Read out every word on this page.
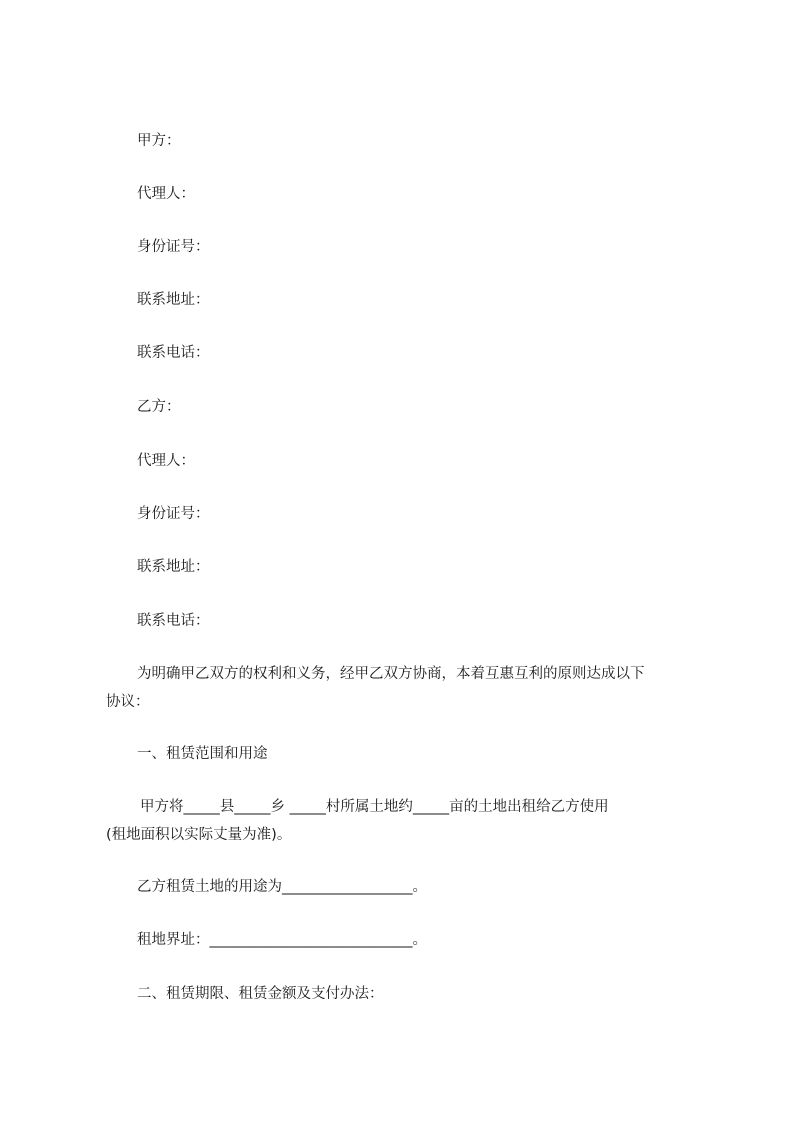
甲方：
代理人：
身份证号：
联系地址：
联系电话：
乙方：
代理人：
身份证号：
联系地址：
联系电话：
为明确甲乙双方的权利和义务，经甲乙双方协商，本着互惠互利的原则达成以下
协议：
一、租赁范围和用途
甲方将_____县_____乡 _____村所属土地约_____亩的土地出租给乙方使用
(租地面积以实际丈量为准)。
乙方租赁土地的用途为__________________。
租地界址：____________________________。
二、租赁期限、租赁金额及支付办法：
